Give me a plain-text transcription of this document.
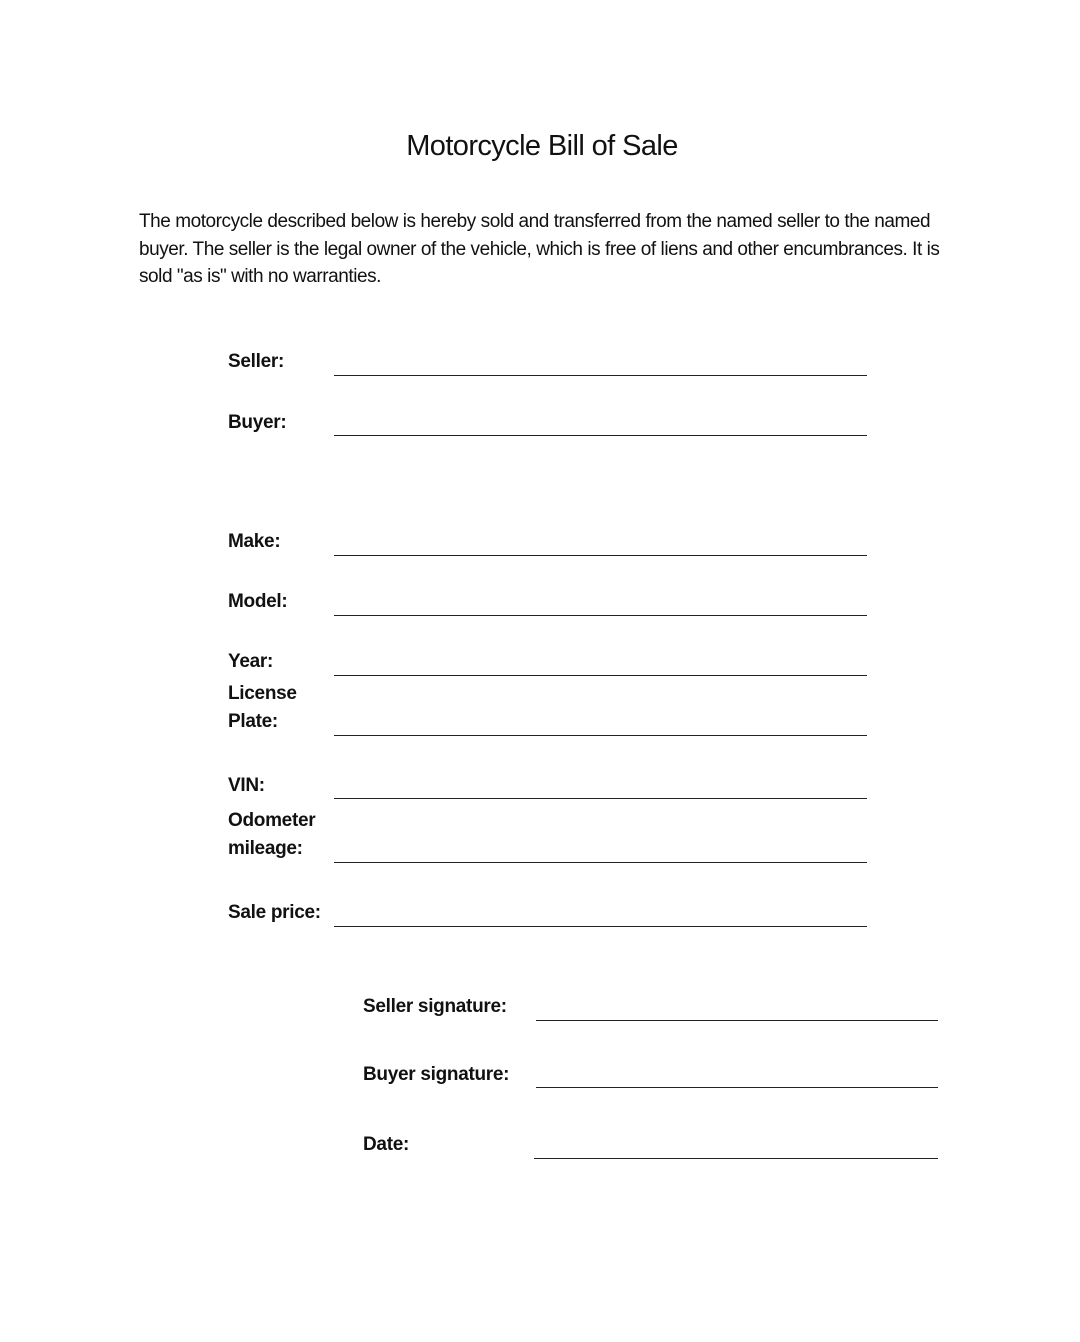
Motorcycle Bill of Sale
The motorcycle described below is hereby sold and transferred from the named seller to the named buyer. The seller is the legal owner of the vehicle, which is free of liens and other encumbrances. It is sold "as is" with no warranties.
Seller:
Buyer:
Make:
Model:
Year:
License Plate:
VIN:
Odometer mileage:
Sale price:
Seller signature:
Buyer signature:
Date:
